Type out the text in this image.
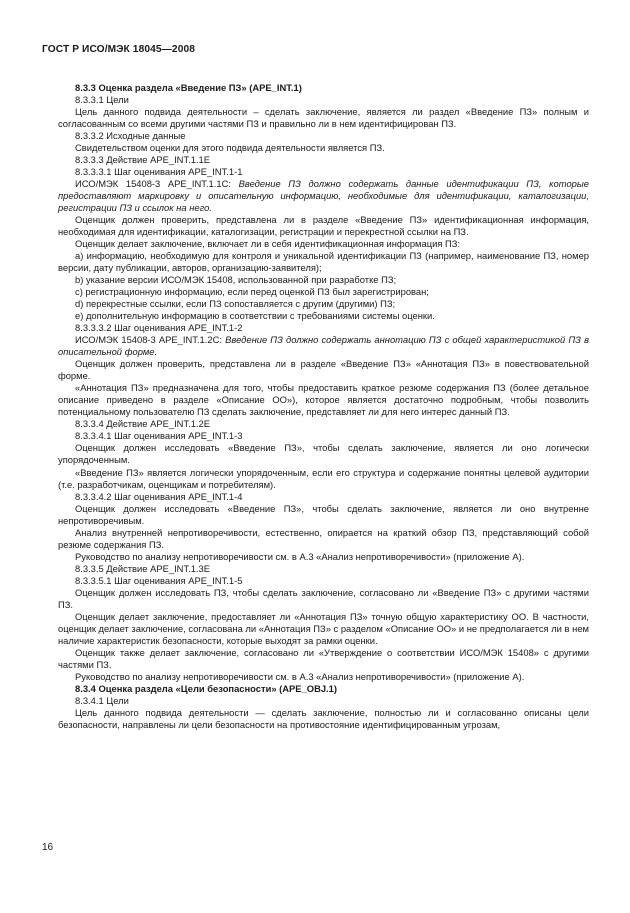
ГОСТ Р ИСО/МЭК 18045—2008

8.3.3 Оценка раздела «Введение ПЗ» (APE_INT.1)

8.3.3.1 Цели

Цель данного подвида деятельности – сделать заключение, является ли раздел «Введение ПЗ» полным и согласованным со всеми другими частями ПЗ и правильно ли в нем идентифицирован ПЗ.

8.3.3.2 Исходные данные

Свидетельством оценки для этого подвида деятельности является ПЗ.

8.3.3.3 Действие APE_INT.1.1E

8.3.3.3.1 Шаг оценивания APE_INT.1-1

ИСО/МЭК 15408-3 APE_INT.1.1C: Введение ПЗ должно содержать данные идентификации ПЗ, которые предоставляют маркировку и описательную информацию, необходимые для идентификации, каталогизации, регистрации ПЗ и ссылок на него.

Оценщик должен проверить, представлена ли в разделе «Введение ПЗ» идентификационная информация, необходимая для идентификации, каталогизации, регистрации и перекрестной ссылки на ПЗ.

Оценщик делает заключение, включает ли в себя идентификационная информация ПЗ:

a) информацию, необходимую для контроля и уникальной идентификации ПЗ (например, наименование ПЗ, номер версии, дату публикации, авторов, организацию-заявителя);

b) указание версии ИСО/МЭК 15408, использованной при разработке ПЗ;

c) регистрационную информацию, если перед оценкой ПЗ был зарегистрирован;

d) перекрестные ссылки, если ПЗ сопоставляется с другим (другими) ПЗ;

e) дополнительную информацию в соответствии с требованиями системы оценки.

8.3.3.3.2 Шаг оценивания APE_INT.1-2

ИСО/МЭК 15408-3 APE_INT.1.2C: Введение ПЗ должно содержать аннотацию ПЗ с общей характеристикой ПЗ в описательной форме.

Оценщик должен проверить, представлена ли в разделе «Введение ПЗ» «Аннотация ПЗ» в повествовательной форме.

«Аннотация ПЗ» предназначена для того, чтобы предоставить краткое резюме содержания ПЗ (более детальное описание приведено в разделе «Описание ОО»), которое является достаточно подробным, чтобы позволить потенциальному пользователю ПЗ сделать заключение, представляет ли для него интерес данный ПЗ.

8.3.3.4 Действие APE_INT.1.2E

8.3.3.4.1 Шаг оценивания APE_INT.1-3

Оценщик должен исследовать «Введение ПЗ», чтобы сделать заключение, является ли оно логически упорядоченным.

«Введение ПЗ» является логически упорядоченным, если его структура и содержание понятны целевой аудитории (т.е. разработчикам, оценщикам и потребителям).

8.3.3.4.2 Шаг оценивания APE_INT.1-4

Оценщик должен исследовать «Введение ПЗ», чтобы сделать заключение, является ли оно внутренне непротиворечивым.

Анализ внутренней непротиворечивости, естественно, опирается на краткий обзор ПЗ, представляющий собой резюме содержания ПЗ.

Руководство по анализу непротиворечивости см. в А.3 «Анализ непротиворечивости» (приложение А).

8.3.3.5 Действие APE_INT.1.3E

8.3.3.5.1 Шаг оценивания APE_INT.1-5

Оценщик должен исследовать ПЗ, чтобы сделать заключение, согласовано ли «Введение ПЗ» с другими частями ПЗ.

Оценщик делает заключение, предоставляет ли «Аннотация ПЗ» точную общую характеристику ОО. В частности, оценщик делает заключение, согласована ли «Аннотация ПЗ» с разделом «Описание ОО» и не предполагается ли в нем наличие характеристик безопасности, которые выходят за рамки оценки.

Оценщик также делает заключение, согласовано ли «Утверждение о соответствии ИСО/МЭК 15408» с другими частями ПЗ.

Руководство по анализу непротиворечивости см. в А.3 «Анализ непротиворечивости» (приложение А).

8.3.4 Оценка раздела «Цели безопасности» (APE_OBJ.1)

8.3.4.1 Цели

Цель данного подвида деятельности — сделать заключение, полностью ли и согласованно описаны цели безопасности, направлены ли цели безопасности на противостояние идентифицированным угрозам,

16
